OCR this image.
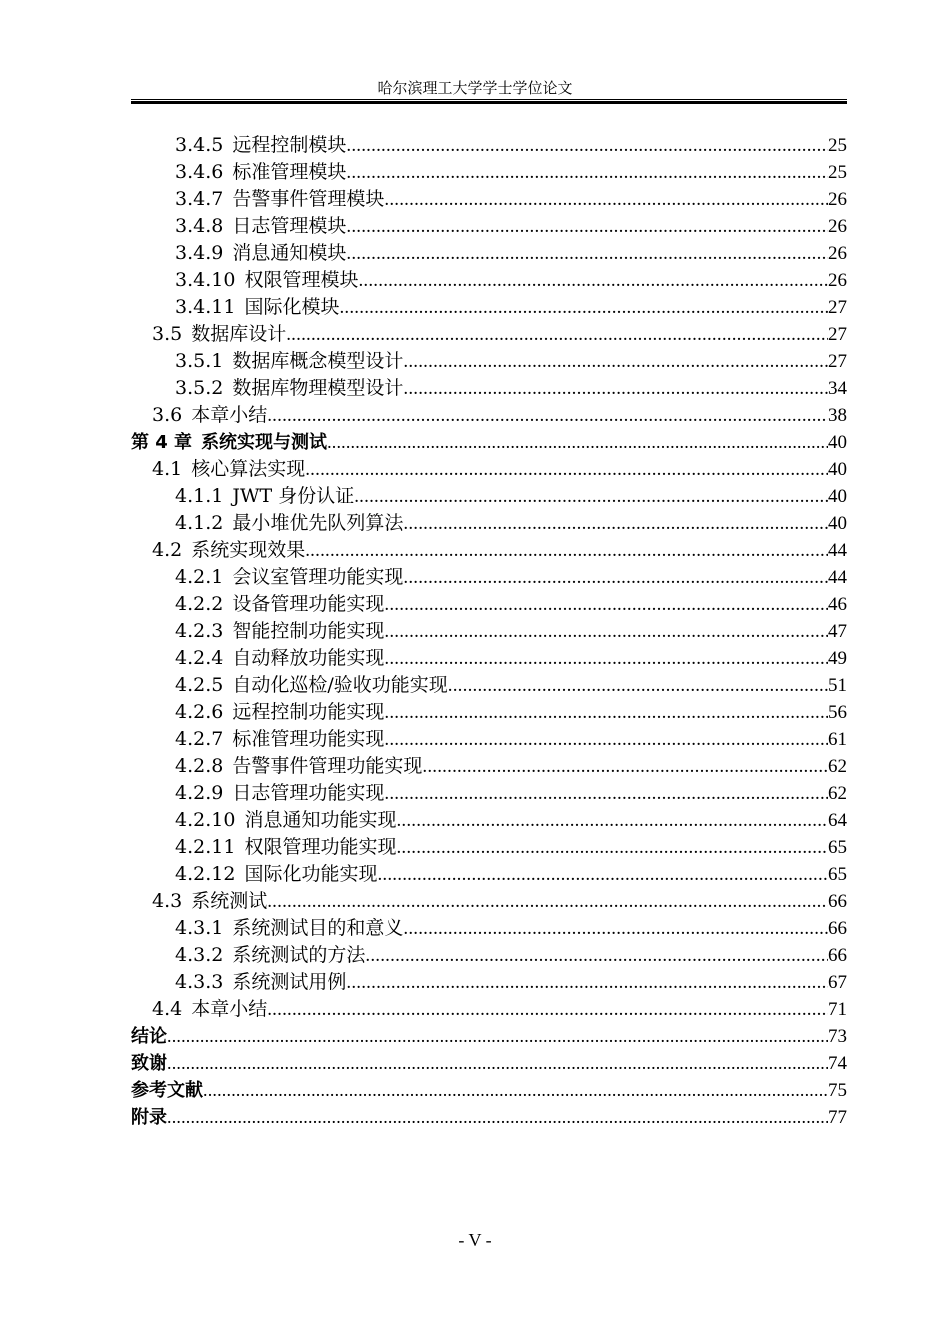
哈尔滨理工大学学士学位论文
3.4.5 远程控制模块 .....	25
3.4.6 标准管理模块 .....	25
3.4.7 告警事件管理模块 .....	26
3.4.8 日志管理模块 .....	26
3.4.9 消息通知模块 .....	26
3.4.10 权限管理模块 .....	26
3.4.11 国际化模块 .....	27
3.5 数据库设计 .....	27
3.5.1 数据库概念模型设计 .....	27
3.5.2 数据库物理模型设计 .....	34
3.6 本章小结 .....	38
第 4 章 系统实现与测试 .....	40
4.1 核心算法实现 .....	40
4.1.1 JWT 身份认证 .....	40
4.1.2 最小堆优先队列算法 .....	40
4.2 系统实现效果 .....	44
4.2.1 会议室管理功能实现 .....	44
4.2.2 设备管理功能实现 .....	46
4.2.3 智能控制功能实现 .....	47
4.2.4 自动释放功能实现 .....	49
4.2.5 自动化巡检/验收功能实现 .....	51
4.2.6 远程控制功能实现 .....	56
4.2.7 标准管理功能实现 .....	61
4.2.8 告警事件管理功能实现 .....	62
4.2.9 日志管理功能实现 .....	62
4.2.10 消息通知功能实现 .....	64
4.2.11 权限管理功能实现 .....	65
4.2.12 国际化功能实现 .....	65
4.3 系统测试 .....	66
4.3.1 系统测试目的和意义 .....	66
4.3.2 系统测试的方法 .....	66
4.3.3 系统测试用例 .....	67
4.4 本章小结 .....	71
结论 .....	73
致谢 .....	74
参考文献 .....	75
附录 .....	77
- V -
